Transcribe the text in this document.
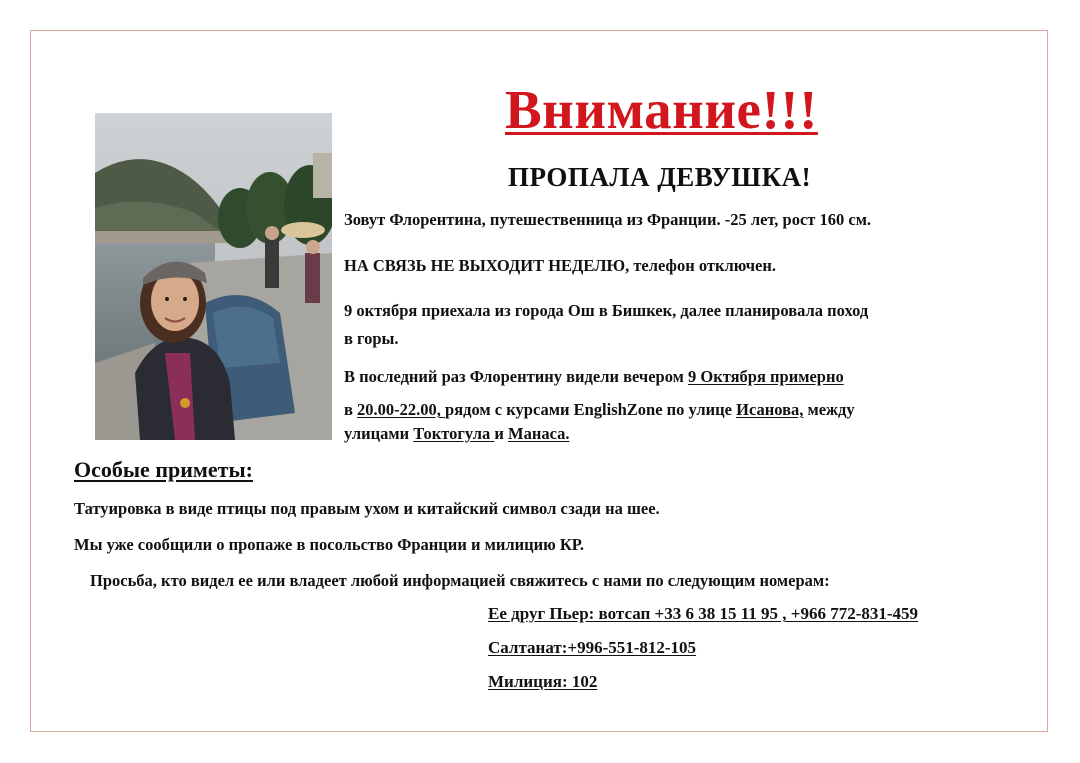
Внимание!!!
ПРОПАЛА ДЕВУШКА!
Зовут Флорентина, путешественница из Франции. -25 лет, рост 160 см.
НА СВЯЗЬ НЕ ВЫХОДИТ НЕДЕЛЮ, телефон отключен.
9 октября приехала из города Ош в Бишкек, далее планировала поход
в горы.
В последний раз Флорентину видели вечером 9 Октября примерно
в 20.00-22.00, рядом с курсами EnglishZone по улице Исанова, между
улицами Токтогула и Манаса.
Особые приметы:
Татуировка в виде птицы под правым ухом и китайский символ сзади на шее.
Мы уже сообщили о пропаже в посольство Франции и милицию КР.
Просьба, кто видел ее или владеет любой информацией свяжитесь с нами по следующим номерам:
Ее друг Пьер: вотсап +33 6 38 15 11 95 , +966 772-831-459
Салтанат:+996-551-812-105
Милиция: 102
